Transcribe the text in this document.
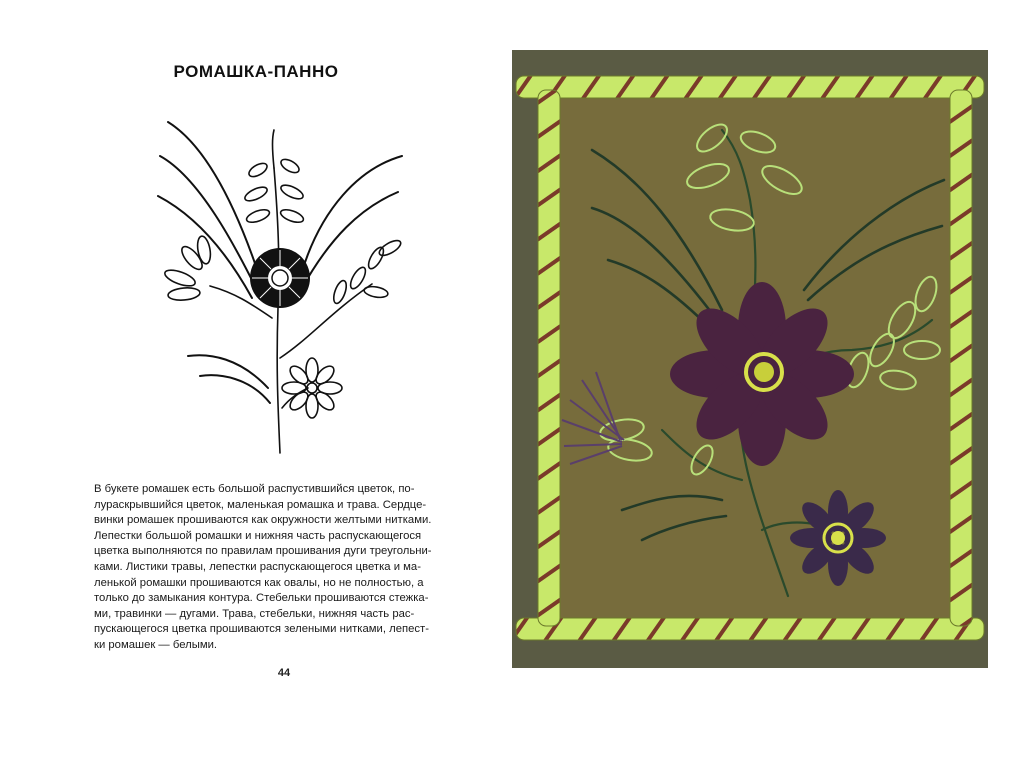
РОМАШКА-ПАННО
В букете ромашек есть большой распустившийся цветок, по-
лураскрывшийся цветок, маленькая ромашка и трава. Сердце-
винки ромашек прошиваются как окружности желтыми нитками.
Лепестки большой ромашки и нижняя часть распускающегося
цветка выполняются по правилам прошивания дуги треугольни-
ками. Листики травы, лепестки распускающегося цветка и ма-
ленькой ромашки прошиваются как овалы, но не полностью, а
только до замыкания контура. Стебельки прошиваются стежка-
ми, травинки — дугами. Трава, стебельки, нижняя часть рас-
пускающегося цветка прошиваются зелеными нитками, лепест-
ки ромашек — белыми.
44
